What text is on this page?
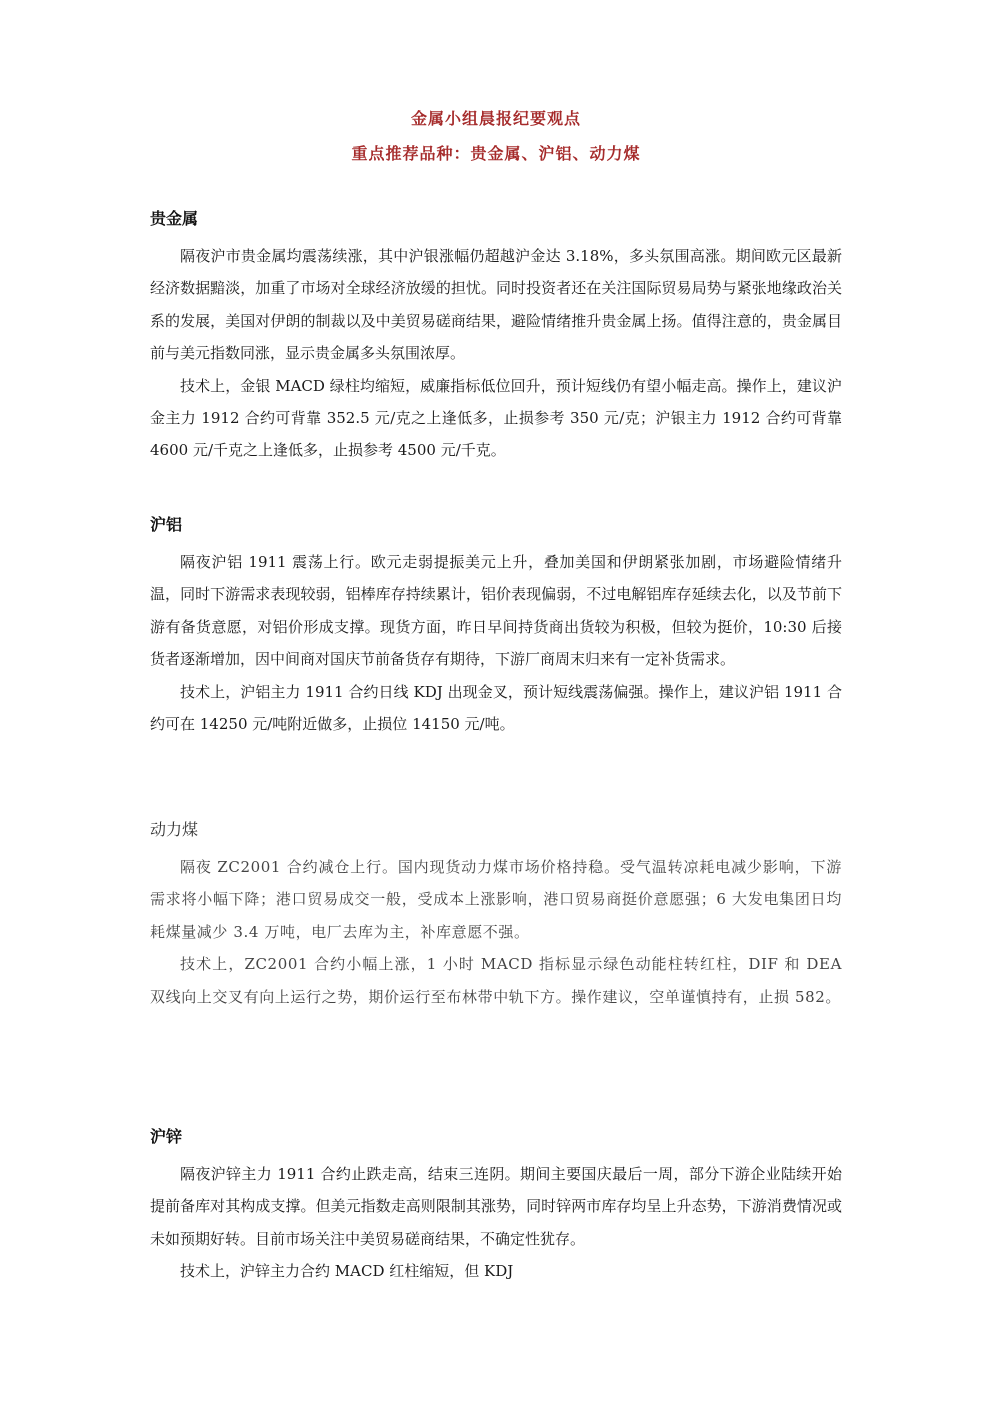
金属小组晨报纪要观点
重点推荐品种：贵金属、沪铝、动力煤
贵金属

隔夜沪市贵金属均震荡续涨，其中沪银涨幅仍超越沪金达 3.18%，多头氛围高涨。期间欧元区最新经济数据黯淡，加重了市场对全球经济放缓的担忧。同时投资者还在关注国际贸易局势与紧张地缘政治关系的发展，美国对伊朗的制裁以及中美贸易磋商结果，避险情绪推升贵金属上扬。值得注意的，贵金属目前与美元指数同涨，显示贵金属多头氛围浓厚。

技术上，金银 MACD 绿柱均缩短，威廉指标低位回升，预计短线仍有望小幅走高。操作上，建议沪金主力 1912 合约可背靠 352.5 元/克之上逢低多，止损参考 350 元/克；沪银主力 1912 合约可背靠 4600 元/千克之上逢低多，止损参考 4500 元/千克。

沪铝

隔夜沪铝 1911 震荡上行。欧元走弱提振美元上升，叠加美国和伊朗紧张加剧，市场避险情绪升温，同时下游需求表现较弱，铝棒库存持续累计，铝价表现偏弱，不过电解铝库存延续去化，以及节前下游有备货意愿，对铝价形成支撑。现货方面，昨日早间持货商出货较为积极，但较为挺价，10:30 后接货者逐渐增加，因中间商对国庆节前备货存有期待，下游厂商周末归来有一定补货需求。

技术上，沪铝主力 1911 合约日线 KDJ 出现金叉，预计短线震荡偏强。操作上，建议沪铝 1911 合约可在 14250 元/吨附近做多，止损位 14150 元/吨。

动力煤

隔夜 ZC2001 合约减仓上行。国内现货动力煤市场价格持稳。受气温转凉耗电减少影响，下游需求将小幅下降；港口贸易成交一般，受成本上涨影响，港口贸易商挺价意愿强；6 大发电集团日均耗煤量减少 3.4 万吨，电厂去库为主，补库意愿不强。

技术上，ZC2001 合约小幅上涨，1 小时 MACD 指标显示绿色动能柱转红柱，DIF 和 DEA 双线向上交叉有向上运行之势，期价运行至布林带中轨下方。操作建议，空单谨慎持有，止损 582。

沪锌

隔夜沪锌主力 1911 合约止跌走高，结束三连阴。期间主要国庆最后一周，部分下游企业陆续开始提前备库对其构成支撑。但美元指数走高则限制其涨势，同时锌两市库存均呈上升态势，下游消费情况或未如预期好转。目前市场关注中美贸易磋商结果，不确定性犹存。

技术上，沪锌主力合约 MACD 红柱缩短，但 KDJ
